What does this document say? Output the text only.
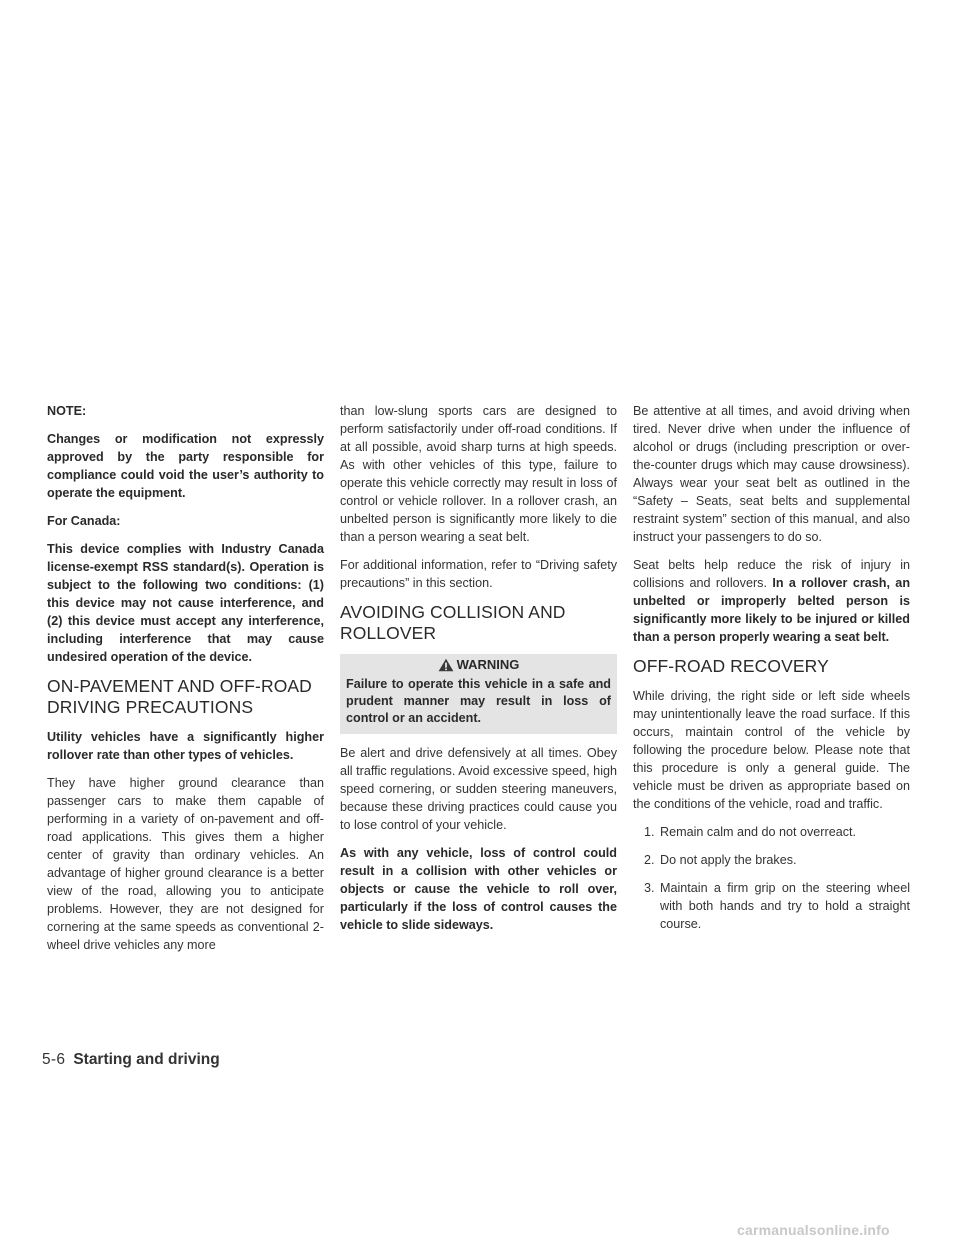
NOTE:

Changes or modification not expressly approved by the party responsible for compliance could void the user’s authority to operate the equipment.

For Canada:

This device complies with Industry Canada license-exempt RSS standard(s). Operation is subject to the following two conditions: (1) this device may not cause interference, and (2) this device must accept any interference, including interference that may cause undesired operation of the device.

ON-PAVEMENT AND OFF-ROAD DRIVING PRECAUTIONS

Utility vehicles have a significantly higher rollover rate than other types of vehicles.

They have higher ground clearance than passenger cars to make them capable of performing in a variety of on-pavement and off-road applications. This gives them a higher center of gravity than ordinary vehicles. An advantage of higher ground clearance is a better view of the road, allowing you to anticipate problems. However, they are not designed for cornering at the same speeds as conventional 2-wheel drive vehicles any more

than low-slung sports cars are designed to perform satisfactorily under off-road conditions. If at all possible, avoid sharp turns at high speeds. As with other vehicles of this type, failure to operate this vehicle correctly may result in loss of control or vehicle rollover. In a rollover crash, an unbelted person is significantly more likely to die than a person wearing a seat belt.

For additional information, refer to “Driving safety precautions” in this section.

AVOIDING COLLISION AND ROLLOVER
WARNING
Failure to operate this vehicle in a safe and prudent manner may result in loss of control or an accident.

Be alert and drive defensively at all times. Obey all traffic regulations. Avoid excessive speed, high speed cornering, or sudden steering maneuvers, because these driving practices could cause you to lose control of your vehicle.

As with any vehicle, loss of control could result in a collision with other vehicles or objects or cause the vehicle to roll over, particularly if the loss of control causes the vehicle to slide sideways.

Be attentive at all times, and avoid driving when tired. Never drive when under the influence of alcohol or drugs (including prescription or over-the-counter drugs which may cause drowsiness). Always wear your seat belt as outlined in the “Safety – Seats, seat belts and supplemental restraint system” section of this manual, and also instruct your passengers to do so.

Seat belts help reduce the risk of injury in collisions and rollovers. In a rollover crash, an unbelted or improperly belted person is significantly more likely to be injured or killed than a person properly wearing a seat belt.

OFF-ROAD RECOVERY

While driving, the right side or left side wheels may unintentionally leave the road surface. If this occurs, maintain control of the vehicle by following the procedure below. Please note that this procedure is only a general guide. The vehicle must be driven as appropriate based on the conditions of the vehicle, road and traffic.

1. Remain calm and do not overreact.
2. Do not apply the brakes.
3. Maintain a firm grip on the steering wheel with both hands and try to hold a straight course.
5-6 Starting and driving
carmanualsonline.info
